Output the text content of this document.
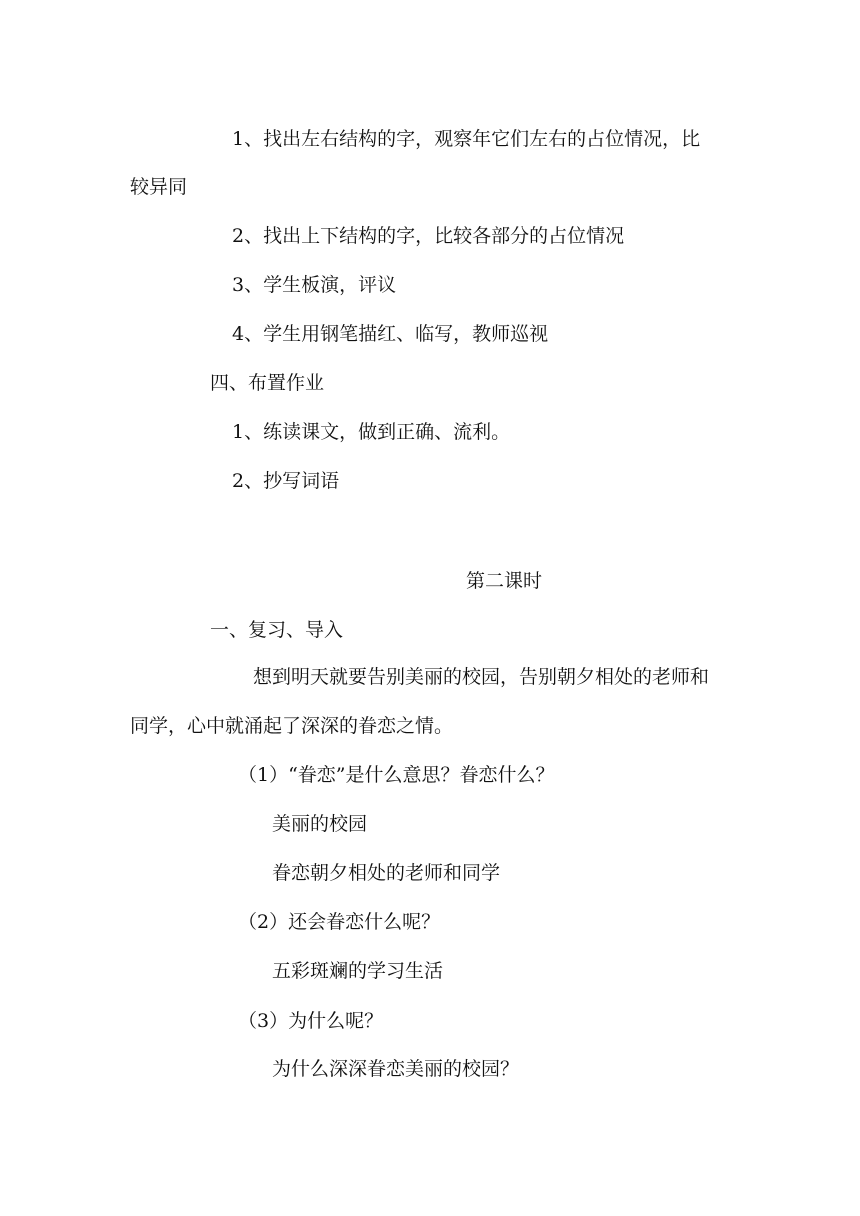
1、找出左右结构的字，观察年它们左右的占位情况，比
较异同
2、找出上下结构的字，比较各部分的占位情况
3、学生板演，评议
4、学生用钢笔描红、临写，教师巡视
四、布置作业
1、练读课文，做到正确、流利。
2、抄写词语
第二课时
一、复习、导入
想到明天就要告别美丽的校园，告别朝夕相处的老师和
同学，心中就涌起了深深的眷恋之情。
（1）“眷恋”是什么意思？眷恋什么？
美丽的校园
眷恋朝夕相处的老师和同学
（2）还会眷恋什么呢？
五彩斑斓的学习生活
（3）为什么呢？
为什么深深眷恋美丽的校园？
